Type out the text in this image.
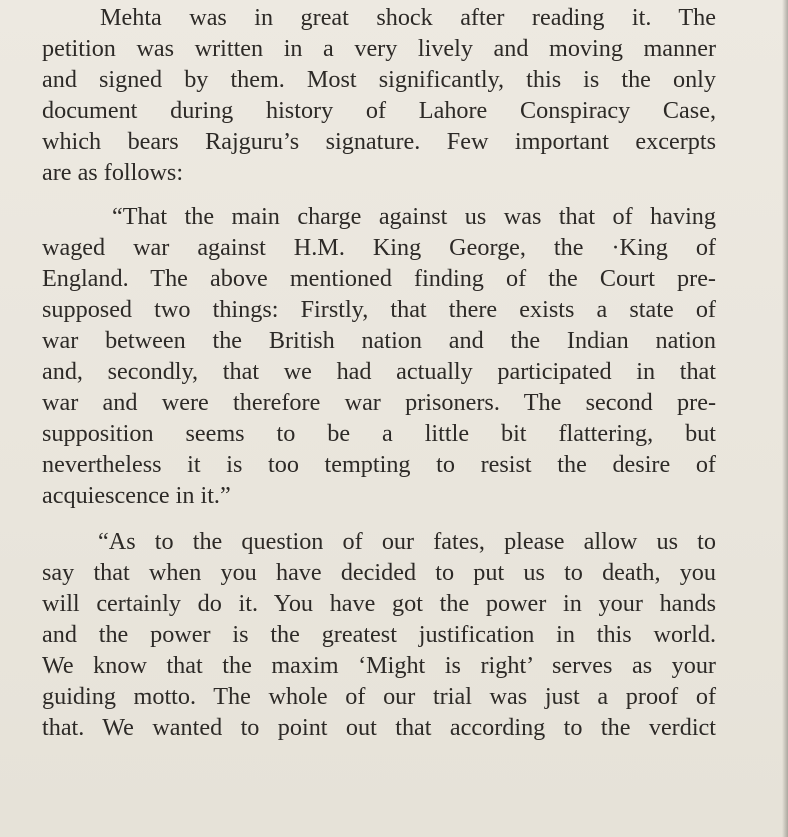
Mehta was in great shock after reading it. The
petition was written in a very lively and moving manner
and signed by them. Most significantly, this is the only
document during history of Lahore Conspiracy Case,
which bears Rajguru’s signature. Few important excerpts
are as follows:
“That the main charge against us was that of having
waged war against H.M. King George, the ·King of
England. The above mentioned finding of the Court pre-
supposed two things: Firstly, that there exists a state of
war between the British nation and the Indian nation
and, secondly, that we had actually participated in that
war and were therefore war prisoners. The second pre-
supposition seems to be a little bit flattering, but
nevertheless it is too tempting to resist the desire of
acquiescence in it.”
“As to the question of our fates, please allow us to
say that when you have decided to put us to death, you
will certainly do it. You have got the power in your hands
and the power is the greatest justification in this world.
We know that the maxim ‘Might is right’ serves as your
guiding motto. The whole of our trial was just a proof of
that. We wanted to point out that according to the verdict
